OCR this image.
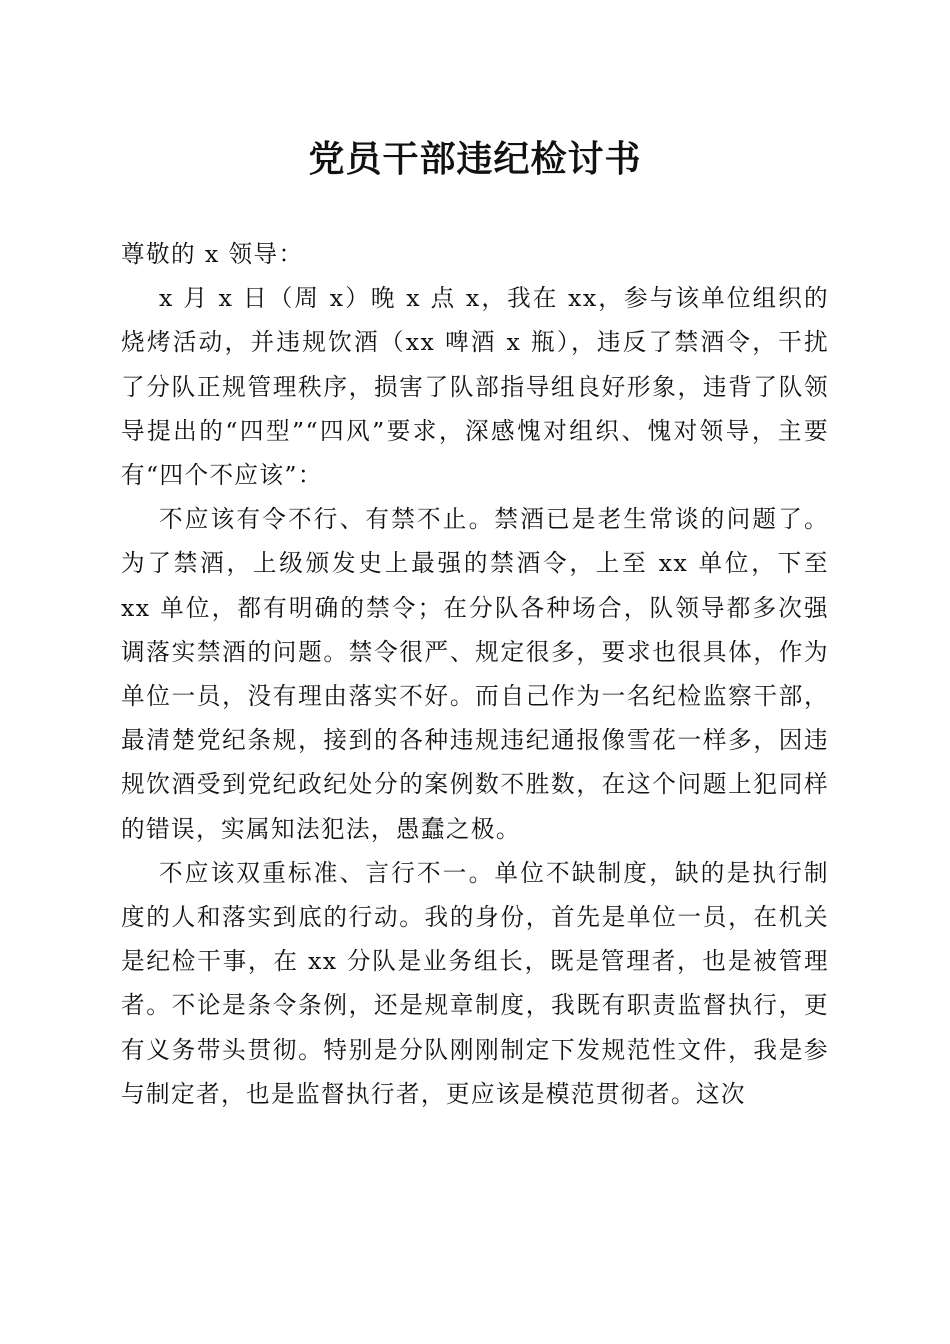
党员干部违纪检讨书

尊敬的 x 领导：

x 月 x 日（周 x）晚 x 点 x，我在 xx，参与该单位组织的烧烤活动，并违规饮酒（xx 啤酒 x 瓶），违反了禁酒令，干扰了分队正规管理秩序，损害了队部指导组良好形象，违背了队领导提出的“四型”“四风”要求，深感愧对组织、愧对领导，主要有“四个不应该”：

不应该有令不行、有禁不止。禁酒已是老生常谈的问题了。为了禁酒，上级颁发史上最强的禁酒令，上至 xx 单位，下至 xx 单位，都有明确的禁令；在分队各种场合，队领导都多次强调落实禁酒的问题。禁令很严、规定很多，要求也很具体，作为单位一员，没有理由落实不好。而自己作为一名纪检监察干部，最清楚党纪条规，接到的各种违规违纪通报像雪花一样多，因违规饮酒受到党纪政纪处分的案例数不胜数，在这个问题上犯同样的错误，实属知法犯法，愚蠢之极。

不应该双重标准、言行不一。单位不缺制度，缺的是执行制度的人和落实到底的行动。我的身份，首先是单位一员，在机关是纪检干事，在 xx 分队是业务组长，既是管理者，也是被管理者。不论是条令条例，还是规章制度，我既有职责监督执行，更有义务带头贯彻。特别是分队刚刚制定下发规范性文件，我是参与制定者，也是监督执行者，更应该是模范贯彻者。这次
